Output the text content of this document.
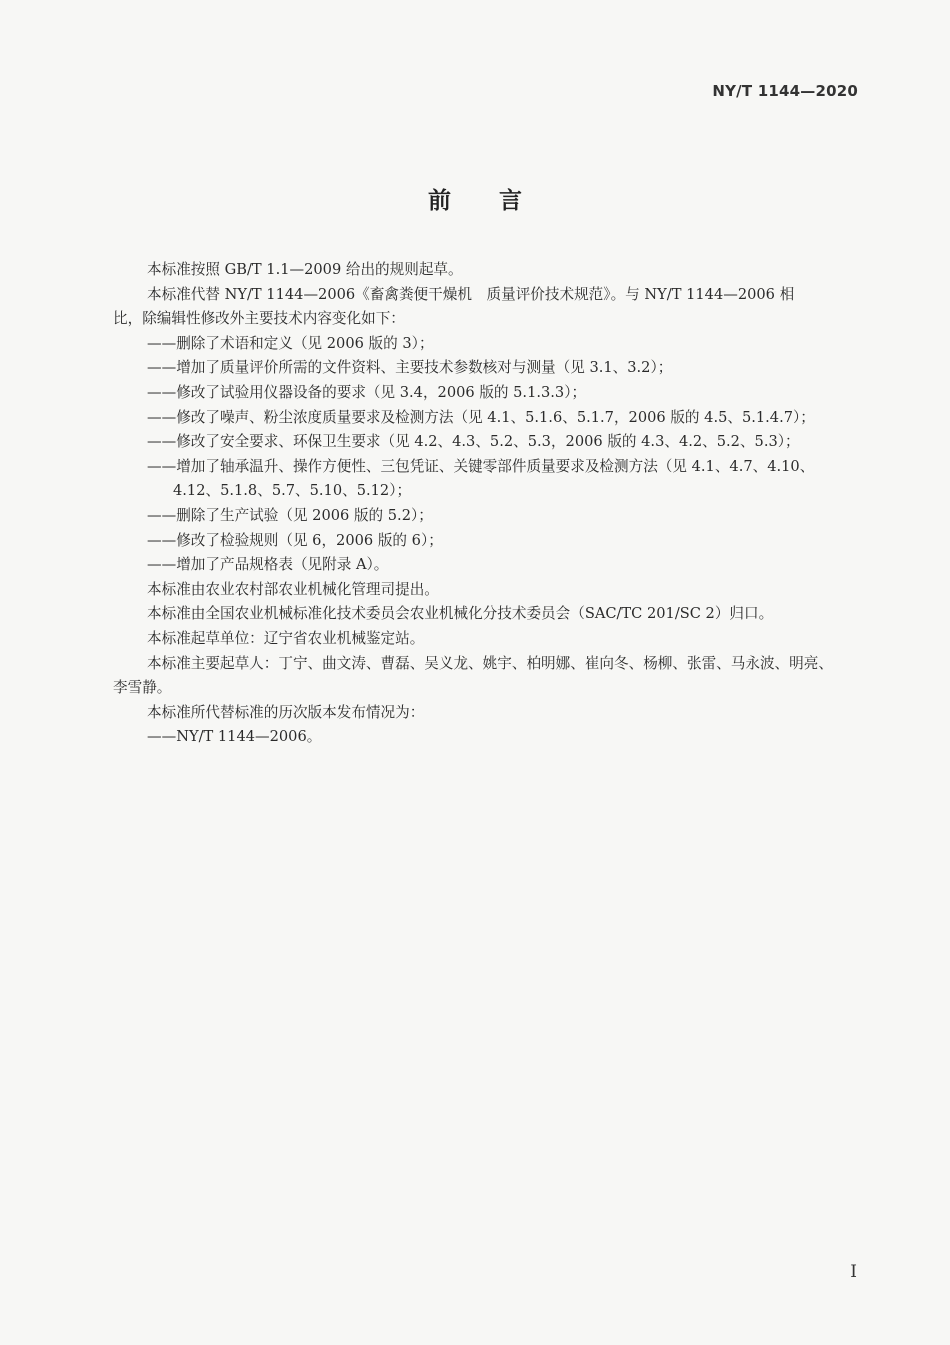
NY/T 1144—2020
前 言

本标准按照 GB/T 1.1—2009 给出的规则起草。

本标准代替 NY/T 1144—2006《畜禽粪便干燥机　质量评价技术规范》。与 NY/T 1144—2006 相

比，除编辑性修改外主要技术内容变化如下：

——删除了术语和定义（见 2006 版的 3）；

——增加了质量评价所需的文件资料、主要技术参数核对与测量（见 3.1、3.2）；

——修改了试验用仪器设备的要求（见 3.4，2006 版的 5.1.3.3）；

——修改了噪声、粉尘浓度质量要求及检测方法（见 4.1、5.1.6、5.1.7，2006 版的 4.5、5.1.4.7）；

——修改了安全要求、环保卫生要求（见 4.2、4.3、5.2、5.3，2006 版的 4.3、4.2、5.2、5.3）；

——增加了轴承温升、操作方便性、三包凭证、关键零部件质量要求及检测方法（见 4.1、4.7、4.10、

4.12、5.1.8、5.7、5.10、5.12）；

——删除了生产试验（见 2006 版的 5.2）；

——修改了检验规则（见 6，2006 版的 6）；

——增加了产品规格表（见附录 A）。

本标准由农业农村部农业机械化管理司提出。

本标准由全国农业机械标准化技术委员会农业机械化分技术委员会（SAC/TC 201/SC 2）归口。

本标准起草单位：辽宁省农业机械鉴定站。

本标准主要起草人：丁宁、曲文涛、曹磊、吴义龙、姚宇、柏明娜、崔向冬、杨柳、张雷、马永波、明亮、

李雪静。

本标准所代替标准的历次版本发布情况为：

——NY/T 1144—2006。

I
